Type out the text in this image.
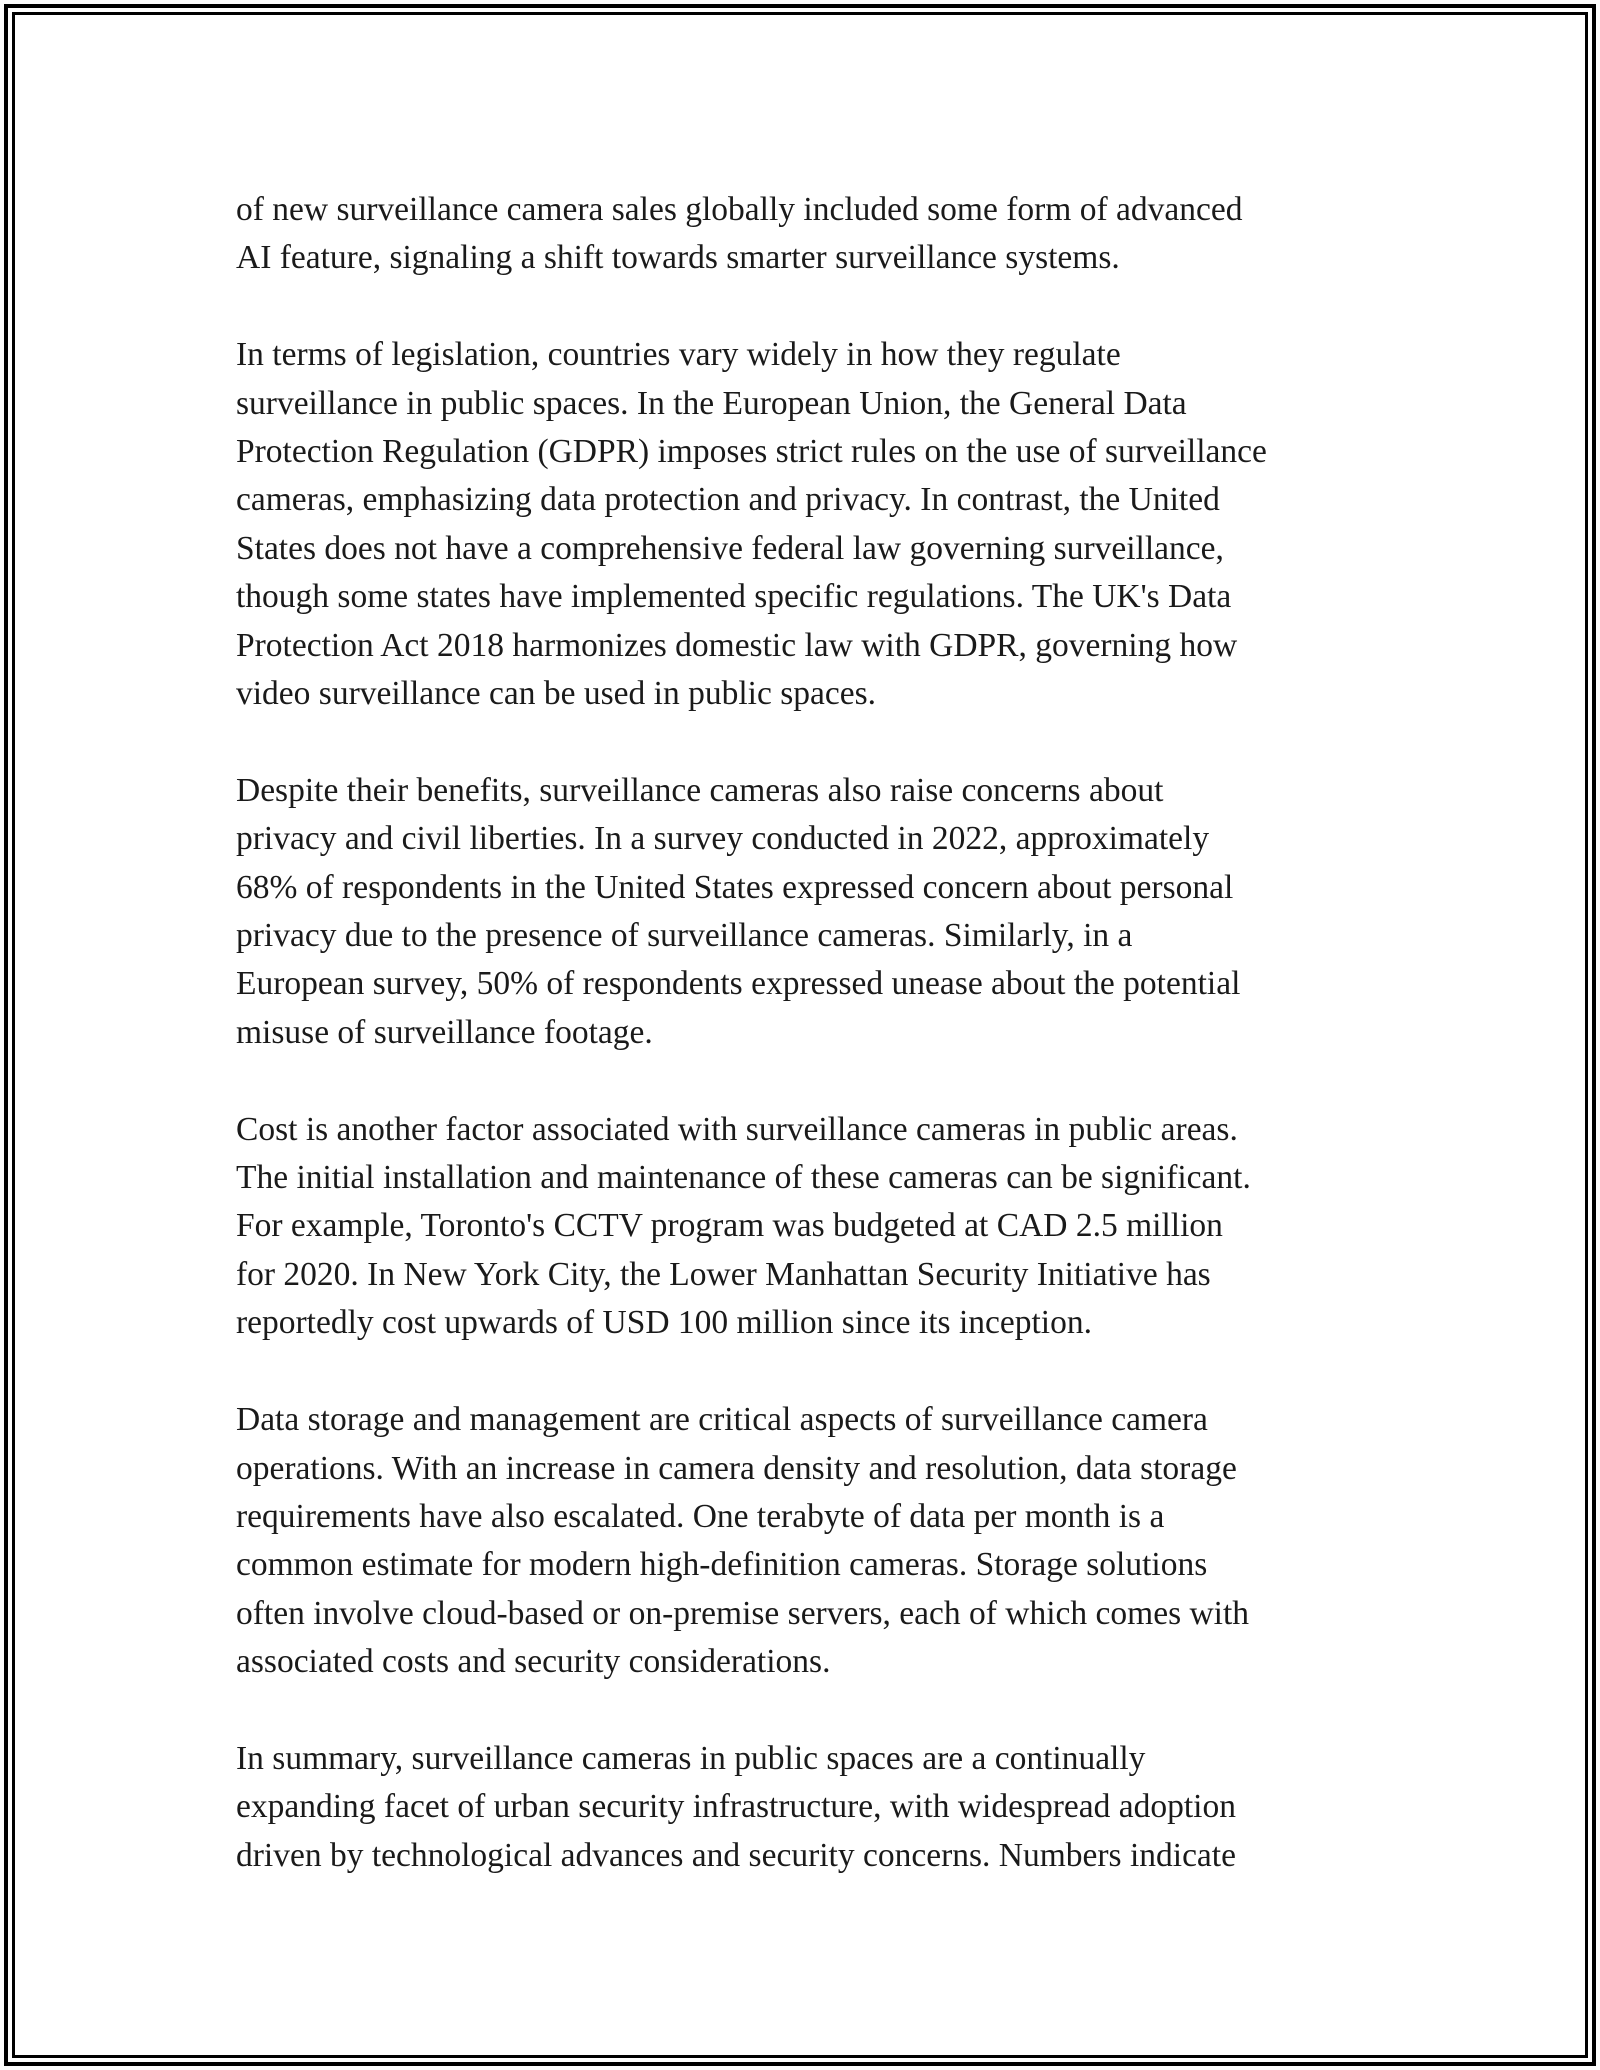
of new surveillance camera sales globally included some form of advanced
AI feature, signaling a shift towards smarter surveillance systems.

In terms of legislation, countries vary widely in how they regulate
surveillance in public spaces. In the European Union, the General Data
Protection Regulation (GDPR) imposes strict rules on the use of surveillance
cameras, emphasizing data protection and privacy. In contrast, the United
States does not have a comprehensive federal law governing surveillance,
though some states have implemented specific regulations. The UK's Data
Protection Act 2018 harmonizes domestic law with GDPR, governing how
video surveillance can be used in public spaces.

Despite their benefits, surveillance cameras also raise concerns about
privacy and civil liberties. In a survey conducted in 2022, approximately
68% of respondents in the United States expressed concern about personal
privacy due to the presence of surveillance cameras. Similarly, in a
European survey, 50% of respondents expressed unease about the potential
misuse of surveillance footage.

Cost is another factor associated with surveillance cameras in public areas.
The initial installation and maintenance of these cameras can be significant.
For example, Toronto's CCTV program was budgeted at CAD 2.5 million
for 2020. In New York City, the Lower Manhattan Security Initiative has
reportedly cost upwards of USD 100 million since its inception.

Data storage and management are critical aspects of surveillance camera
operations. With an increase in camera density and resolution, data storage
requirements have also escalated. One terabyte of data per month is a
common estimate for modern high-definition cameras. Storage solutions
often involve cloud-based or on-premise servers, each of which comes with
associated costs and security considerations.

In summary, surveillance cameras in public spaces are a continually
expanding facet of urban security infrastructure, with widespread adoption
driven by technological advances and security concerns. Numbers indicate
